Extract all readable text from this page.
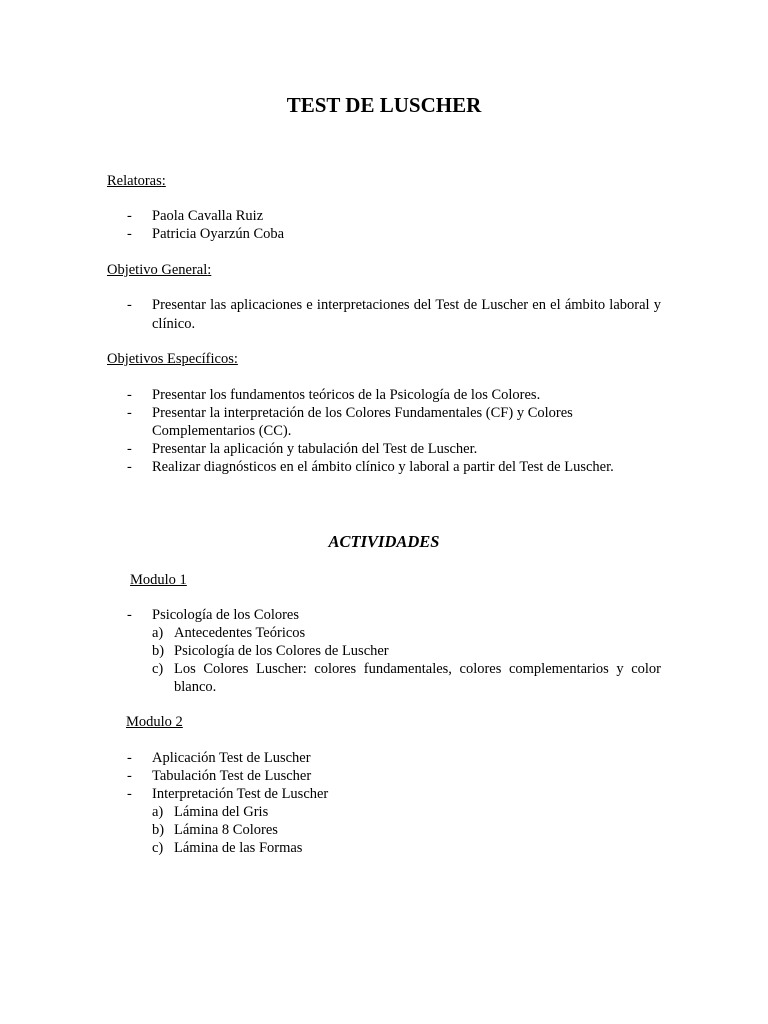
TEST DE LUSCHER
Relatoras:
- Paola Cavalla Ruiz
- Patricia Oyarzún Coba
Objetivo General:
- Presentar las aplicaciones e interpretaciones del Test de Luscher en el ámbito laboral y clínico.
Objetivos Específicos:
- Presentar los fundamentos teóricos de la Psicología de los Colores.
- Presentar la interpretación de los Colores Fundamentales (CF) y Colores Complementarios (CC).
- Presentar la aplicación y tabulación del Test de Luscher.
- Realizar diagnósticos en el ámbito clínico y laboral a partir del Test de Luscher.
ACTIVIDADES
Modulo 1
- Psicología de los Colores
a) Antecedentes Teóricos
b) Psicología de los Colores de Luscher
c) Los Colores Luscher: colores fundamentales, colores complementarios y color blanco.
Modulo 2
- Aplicación Test de Luscher
- Tabulación Test de Luscher
- Interpretación Test de Luscher
a) Lámina del Gris
b) Lámina 8 Colores
c) Lámina de las Formas
